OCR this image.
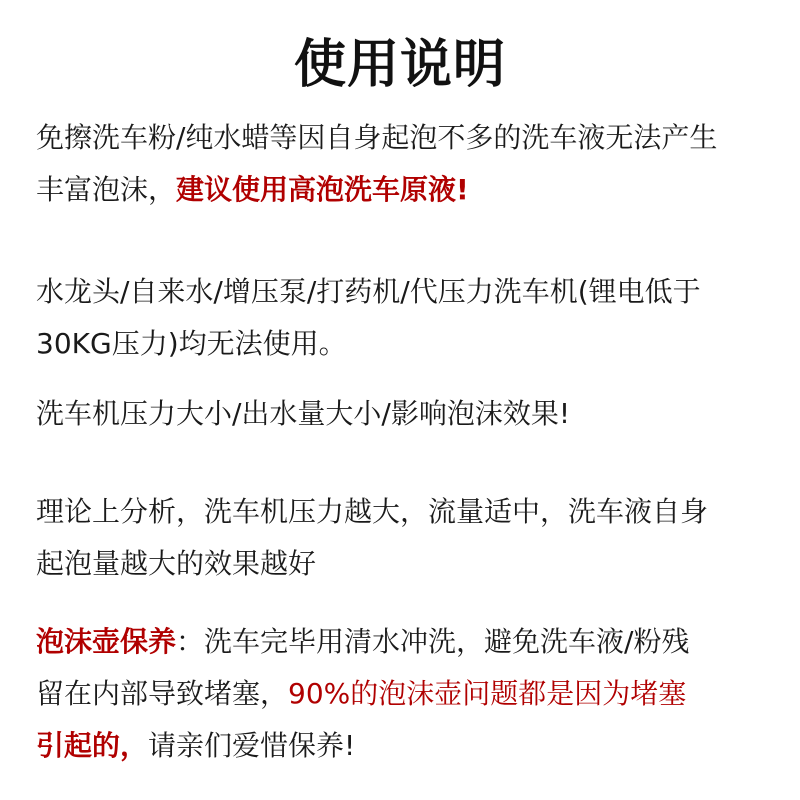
使用说明
免擦洗车粉/纯水蜡等因自身起泡不多的洗车液无法产生
丰富泡沫，建议使用高泡洗车原液!
水龙头/自来水/增压泵/打药机/代压力洗车机(锂电低于
30KG压力)均无法使用。
洗车机压力大小/出水量大小/影响泡沫效果!
理论上分析，洗车机压力越大，流量适中，洗车液自身
起泡量越大的效果越好
泡沫壶保养：洗车完毕用清水冲洗，避免洗车液/粉残
留在内部导致堵塞，90%的泡沫壶问题都是因为堵塞
引起的，请亲们爱惜保养!
